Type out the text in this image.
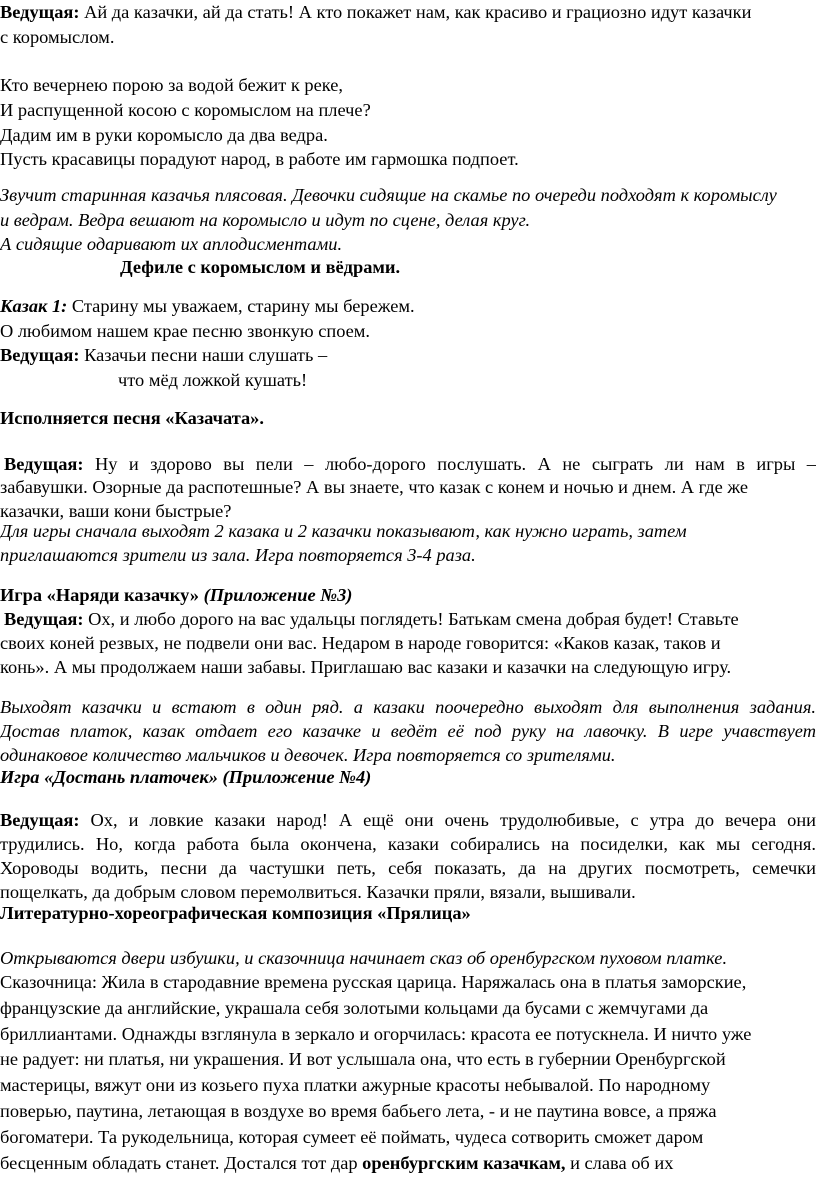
Ведущая: Ай да казачки, ай да стать! А кто покажет нам, как красиво и грациозно идут казачки

с коромыслом.

Кто вечернею порою за водой бежит к реке,

И распущенной косою с коромыслом на плече?

Дадим им в руки коромысло да два ведра.

Пусть красавицы порадуют народ, в работе им гармошка подпоет.

Звучит старинная казачья плясовая. Девочки сидящие на скамье по очереди подходят к коромыслу

и ведрам. Ведра вешают на коромысло и идут по сцене, делая круг.

А сидящие одаривают их аплодисментами.

Дефиле с коромыслом и вёдрами.

Казак 1: Старину мы уважаем, старину мы бережем.

О любимом нашем крае песню звонкую споем.

Ведущая: Казачьи песни наши слушать –

что мёд ложкой кушать!

Исполняется песня «Казачата».

Ведущая: Ну и здорово вы пели – любо-дорого послушать. А не сыграть ли нам в игры –

забавушки. Озорные да распотешные? А вы знаете, что казак с конем и ночью и днем. А где же

казачки, ваши кони быстрые?

Для игры сначала выходят 2 казака и 2 казачки показывают, как нужно играть, затем

приглашаются зрители из зала. Игра повторяется 3-4 раза.

Игра «Наряди казачку» (Приложение №3)

Ведущая: Ох, и любо дорого на вас удальцы поглядеть! Батькам смена добрая будет! Ставьте

своих коней резвых, не подвели они вас. Недаром в народе говорится: «Каков казак, таков и

конь». А мы продолжаем наши забавы. Приглашаю вас казаки и казачки на следующую игру.

Выходят казачки и встают в один ряд. а казаки поочередно выходят для выполнения задания.

Достав платок, казак отдает его казачке и ведёт её под руку на лавочку. В игре учавствует

одинаковое количество мальчиков и девочек. Игра повторяется со зрителями.

Игра «Достань платочек» (Приложение №4)

Ведущая: Ох, и ловкие казаки народ! А ещё они очень трудолюбивые, с утра до вечера они

трудились. Но, когда работа была окончена, казаки собирались на посиделки, как мы сегодня.

Хороводы водить, песни да частушки петь, себя показать, да на других посмотреть, семечки

пощелкать, да добрым словом перемолвиться. Казачки пряли, вязали, вышивали.

Литературно-хореографическая композиция «Прялица»

Открываются двери избушки, и сказочница начинает сказ об оренбургском пуховом платке.

Сказочница: Жила в стародавние времена русская царица. Наряжалась она в платья заморские,

французские да английские, украшала себя золотыми кольцами да бусами с жемчугами да

бриллиантами. Однажды взглянула в зеркало и огорчилась: красота ее потускнела. И ничто уже

не радует: ни платья, ни украшения. И вот услышала она, что есть в губернии Оренбургской

мастерицы, вяжут они из козьего пуха платки ажурные красоты небывалой. По народному

поверью, паутина, летающая в воздухе во время бабьего лета, - и не паутина вовсе, а пряжа

богоматери. Та рукодельница, которая сумеет её поймать, чудеса сотворить сможет даром

бесценным обладать станет. Достался тот дар оренбургским казачкам, и слава об их
